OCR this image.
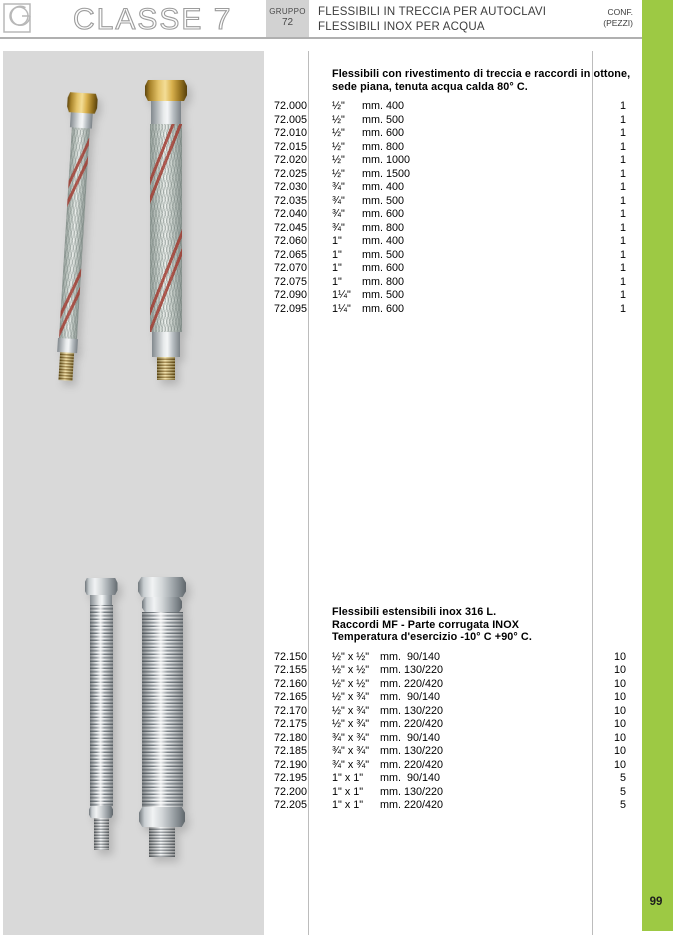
CLASSE 7	GRUPPO
72
FLESSIBILI IN TRECCIA PER AUTOCLAVI
FLESSIBILI INOX PER ACQUA
CONF.
(PEZZI)
99
Flessibili con rivestimento di treccia e raccordi in ottone,
sede piana, tenuta acqua calda 80° C.
72.000 ½"	mm. 400	1
72.005 ½"	mm. 500	1
72.010 ½"	mm. 600	1
72.015 ½"	mm. 800	1
72.020 ½"	mm. 1000	1
72.025 ½"	mm. 1500	1
72.030 ¾"	mm. 400	1
72.035 ¾"	mm. 500	1
72.040 ¾"	mm. 600	1
72.045 ¾"	mm. 800	1
72.060 1"	mm. 400	1
72.065 1"	mm. 500	1
72.070 1"	mm. 600	1
72.075 1"	mm. 800	1
72.090 1¼"	mm. 500	1
72.095 1¼"	mm. 600	1
Flessibili estensibili inox 316 L.
Raccordi MF - Parte corrugata INOX
Temperatura d'esercizio -10° C +90° C.
72.150 ½" x ½"	mm.  90/140	10
72.155 ½" x ½"	mm. 130/220	10
72.160 ½" x ½"	mm. 220/420	10
72.165 ½" x ¾"	mm.  90/140	10
72.170 ½" x ¾"	mm. 130/220	10
72.175 ½" x ¾"	mm. 220/420	10
72.180 ¾" x ¾"	mm.  90/140	10
72.185 ¾" x ¾"	mm. 130/220	10
72.190 ¾" x ¾"	mm. 220/420	10
72.195 1" x 1"	mm.  90/140	5
72.200 1" x 1"	mm. 130/220	5
72.205 1" x 1"	mm. 220/420	5
